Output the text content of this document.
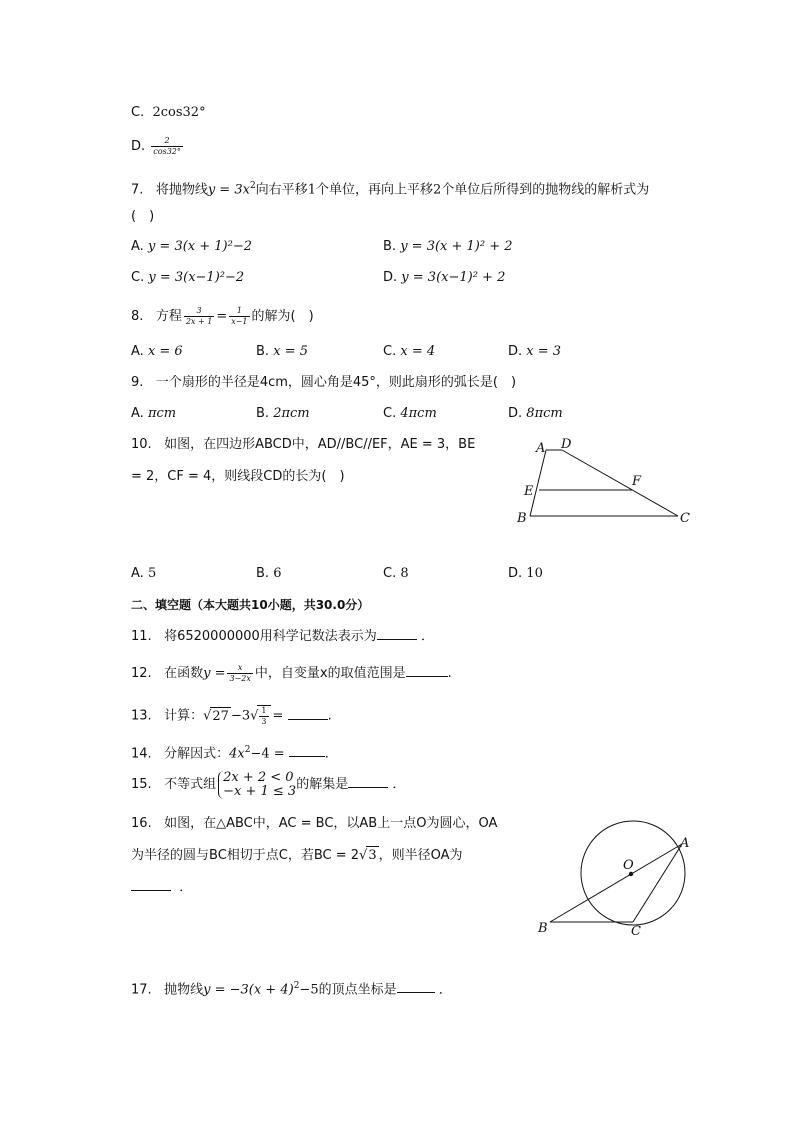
C. 2cos32°
D. $\frac{2}{\cos 32^\circ}$
7. 将抛物线$y = 3x^2$向右平移1个单位，再向上平移2个单位后所得到的抛物线的解析式为
(　)
A. y = 3(x + 1)²−2	B. y = 3(x + 1)² + 2
C. y = 3(x−1)²−2	D. y = 3(x−1)² + 2
8. 方程 $\frac{3}{2x + 1} = \frac{1}{x-1}$ 的解为(　)
A. x = 6	B. x = 5	C. x = 4	D. x = 3
9. 一个扇形的半径是4cm，圆心角是45°，则此扇形的弧长是(　)
A. πcm	B. 2πcm	C. 4πcm	D. 8πcm
10. 如图，在四边形ABCD中，AD//BC//EF，AE = 3，BE
= 2，CF = 4，则线段CD的长为(　)
A D
E
F
B	C
A. 5	B. 6	C. 8	D. 10
二、填空题（本大题共10小题，共30.0分）
11. 将6520000000用科学记数法表示为	．
12. 在函数$y = \frac{x}{3-2x}$ 中，自变量x的取值范围是	.
13. 计算：$√27 -3√ \frac{1}{3}$ =	.
14. 分解因式：$4x^2-4$ =	.
15. 不等式组 2x + 2 < 0
−x + 1 ≤ 3 的解集是	．
16. 如图，在△ABC中，AC = BC，以AB上一点O为圆心，OA
为半径的圆与BC相切于点C，若BC = 2√3 ，则半径OA为
．
O
A
B	C
17. 抛物线$y = -3(x + 4)^2-5$的顶点坐标是	．
